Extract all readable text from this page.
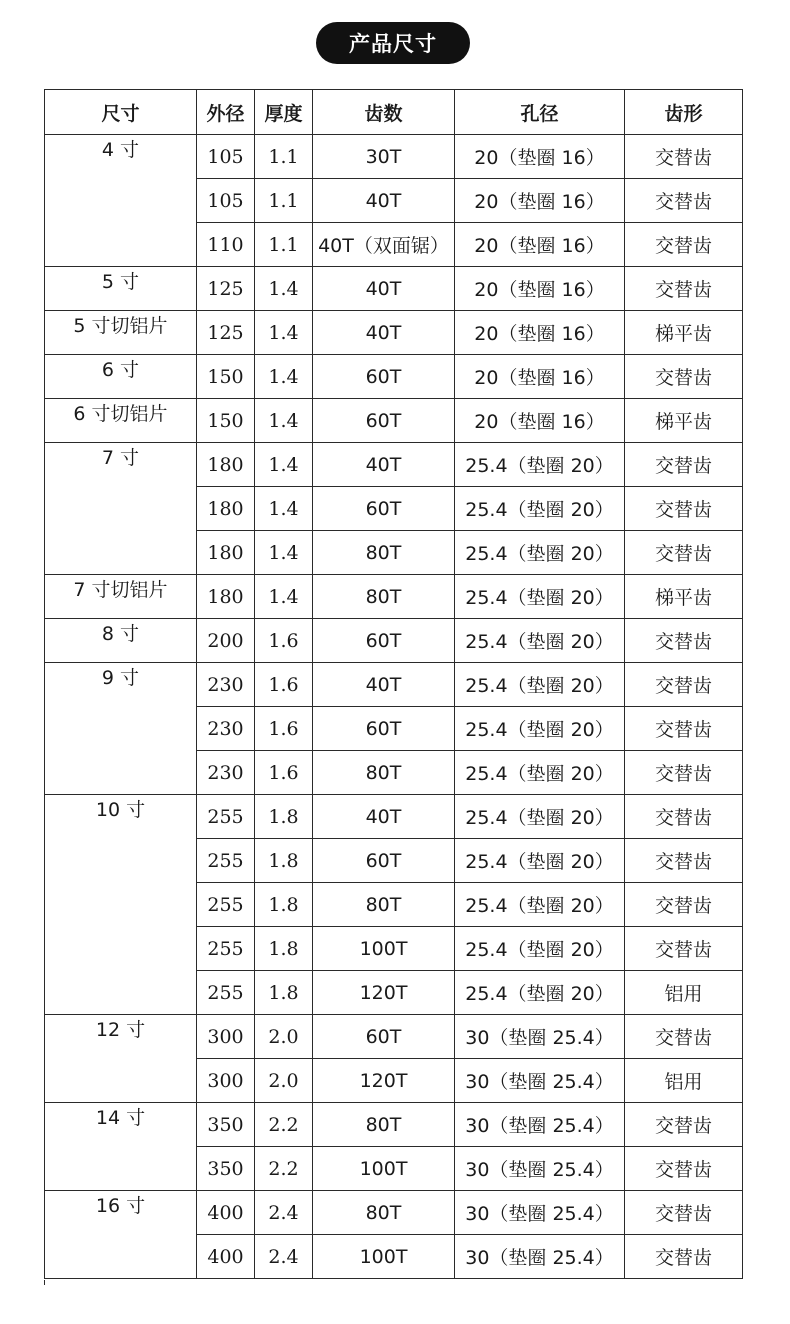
产品尺寸
尺寸	外径	厚度	齿数	孔径	齿形
4 寸	105	1.1	30T	20（垫圈 16）	交替齿
	105	1.1	40T	20（垫圈 16）	交替齿
	110	1.1	40T（双面锯）	20（垫圈 16）	交替齿
5 寸	125	1.4	40T	20（垫圈 16）	交替齿
5 寸切铝片	125	1.4	40T	20（垫圈 16）	梯平齿
6 寸	150	1.4	60T	20（垫圈 16）	交替齿
6 寸切铝片	150	1.4	60T	20（垫圈 16）	梯平齿
7 寸	180	1.4	40T	25.4（垫圈 20）	交替齿
	180	1.4	60T	25.4（垫圈 20）	交替齿
	180	1.4	80T	25.4（垫圈 20）	交替齿
7 寸切铝片	180	1.4	80T	25.4（垫圈 20）	梯平齿
8 寸	200	1.6	60T	25.4（垫圈 20）	交替齿
9 寸	230	1.6	40T	25.4（垫圈 20）	交替齿
	230	1.6	60T	25.4（垫圈 20）	交替齿
	230	1.6	80T	25.4（垫圈 20）	交替齿
10 寸	255	1.8	40T	25.4（垫圈 20）	交替齿
	255	1.8	60T	25.4（垫圈 20）	交替齿
	255	1.8	80T	25.4（垫圈 20）	交替齿
	255	1.8	100T	25.4（垫圈 20）	交替齿
	255	1.8	120T	25.4（垫圈 20）	铝用
12 寸	300	2.0	60T	30（垫圈 25.4）	交替齿
	300	2.0	120T	30（垫圈 25.4）	铝用
14 寸	350	2.2	80T	30（垫圈 25.4）	交替齿
	350	2.2	100T	30（垫圈 25.4）	交替齿
16 寸	400	2.4	80T	30（垫圈 25.4）	交替齿
	400	2.4	100T	30（垫圈 25.4）	交替齿
